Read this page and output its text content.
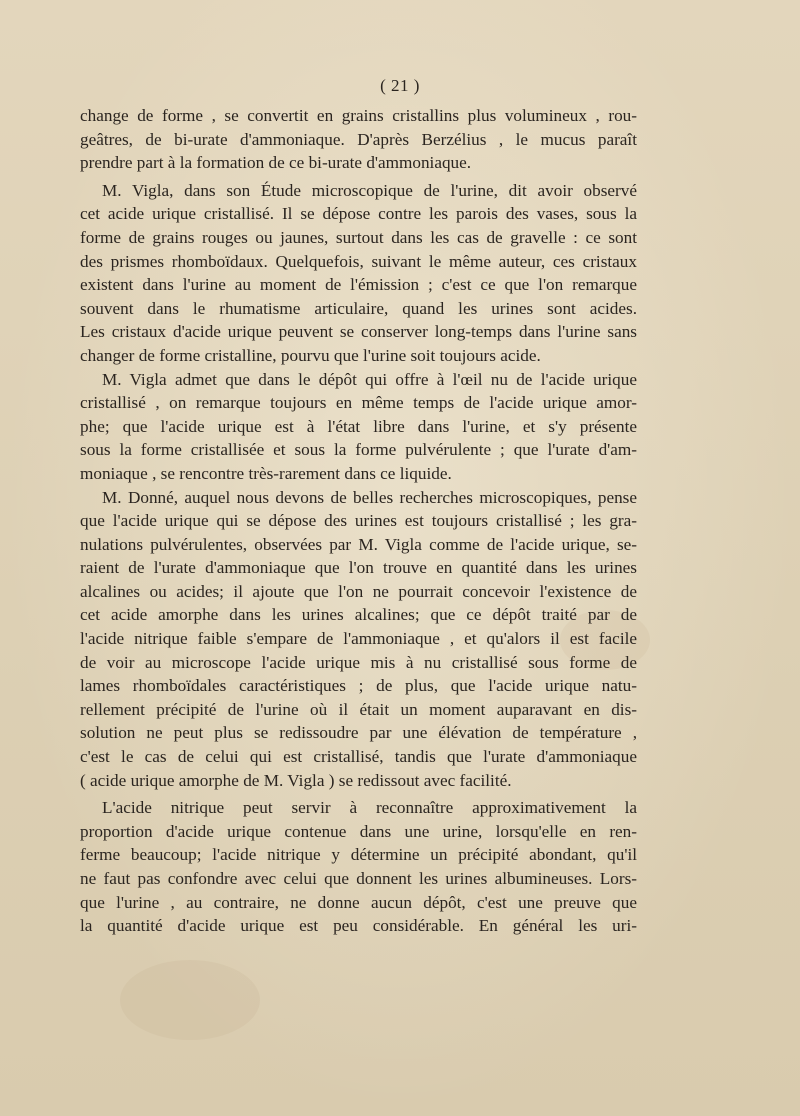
( 21 )
change de forme , se convertit en grains cristallins plus volumineux , rou-
geâtres, de bi-urate d'ammoniaque. D'après Berzélius , le mucus paraît
prendre part à la formation de ce bi-urate d'ammoniaque.
M. Vigla, dans son Étude microscopique de l'urine, dit avoir observé
cet acide urique cristallisé. Il se dépose contre les parois des vases, sous la
forme de grains rouges ou jaunes, surtout dans les cas de gravelle : ce sont
des prismes rhomboïdaux. Quelquefois, suivant le même auteur, ces cristaux
existent dans l'urine au moment de l'émission ; c'est ce que l'on remarque
souvent dans le rhumatisme articulaire, quand les urines sont acides.
Les cristaux d'acide urique peuvent se conserver long-temps dans l'urine sans
changer de forme cristalline, pourvu que l'urine soit toujours acide.
M. Vigla admet que dans le dépôt qui offre à l'œil nu de l'acide urique
cristallisé , on remarque toujours en même temps de l'acide urique amor-
phe; que l'acide urique est à l'état libre dans l'urine, et s'y présente
sous la forme cristallisée et sous la forme pulvérulente ; que l'urate d'am-
moniaque , se rencontre très-rarement dans ce liquide.
M. Donné, auquel nous devons de belles recherches microscopiques, pense
que l'acide urique qui se dépose des urines est toujours cristallisé ; les gra-
nulations pulvérulentes, observées par M. Vigla comme de l'acide urique, se-
raient de l'urate d'ammoniaque que l'on trouve en quantité dans les urines
alcalines ou acides; il ajoute que l'on ne pourrait concevoir l'existence de
cet acide amorphe dans les urines alcalines; que ce dépôt traité par de
l'acide nitrique faible s'empare de l'ammoniaque , et qu'alors il est facile
de voir au microscope l'acide urique mis à nu cristallisé sous forme de
lames rhomboïdales caractéristiques ; de plus, que l'acide urique natu-
rellement précipité de l'urine où il était un moment auparavant en dis-
solution ne peut plus se redissoudre par une élévation de température ,
c'est le cas de celui qui est cristallisé, tandis que l'urate d'ammoniaque
( acide urique amorphe de M. Vigla ) se redissout avec facilité.
L'acide nitrique peut servir à reconnaître approximativement la
proportion d'acide urique contenue dans une urine, lorsqu'elle en ren-
ferme beaucoup; l'acide nitrique y détermine un précipité abondant, qu'il
ne faut pas confondre avec celui que donnent les urines albumineuses. Lors-
que l'urine , au contraire, ne donne aucun dépôt, c'est une preuve que
la quantité d'acide urique est peu considérable. En général les uri-
